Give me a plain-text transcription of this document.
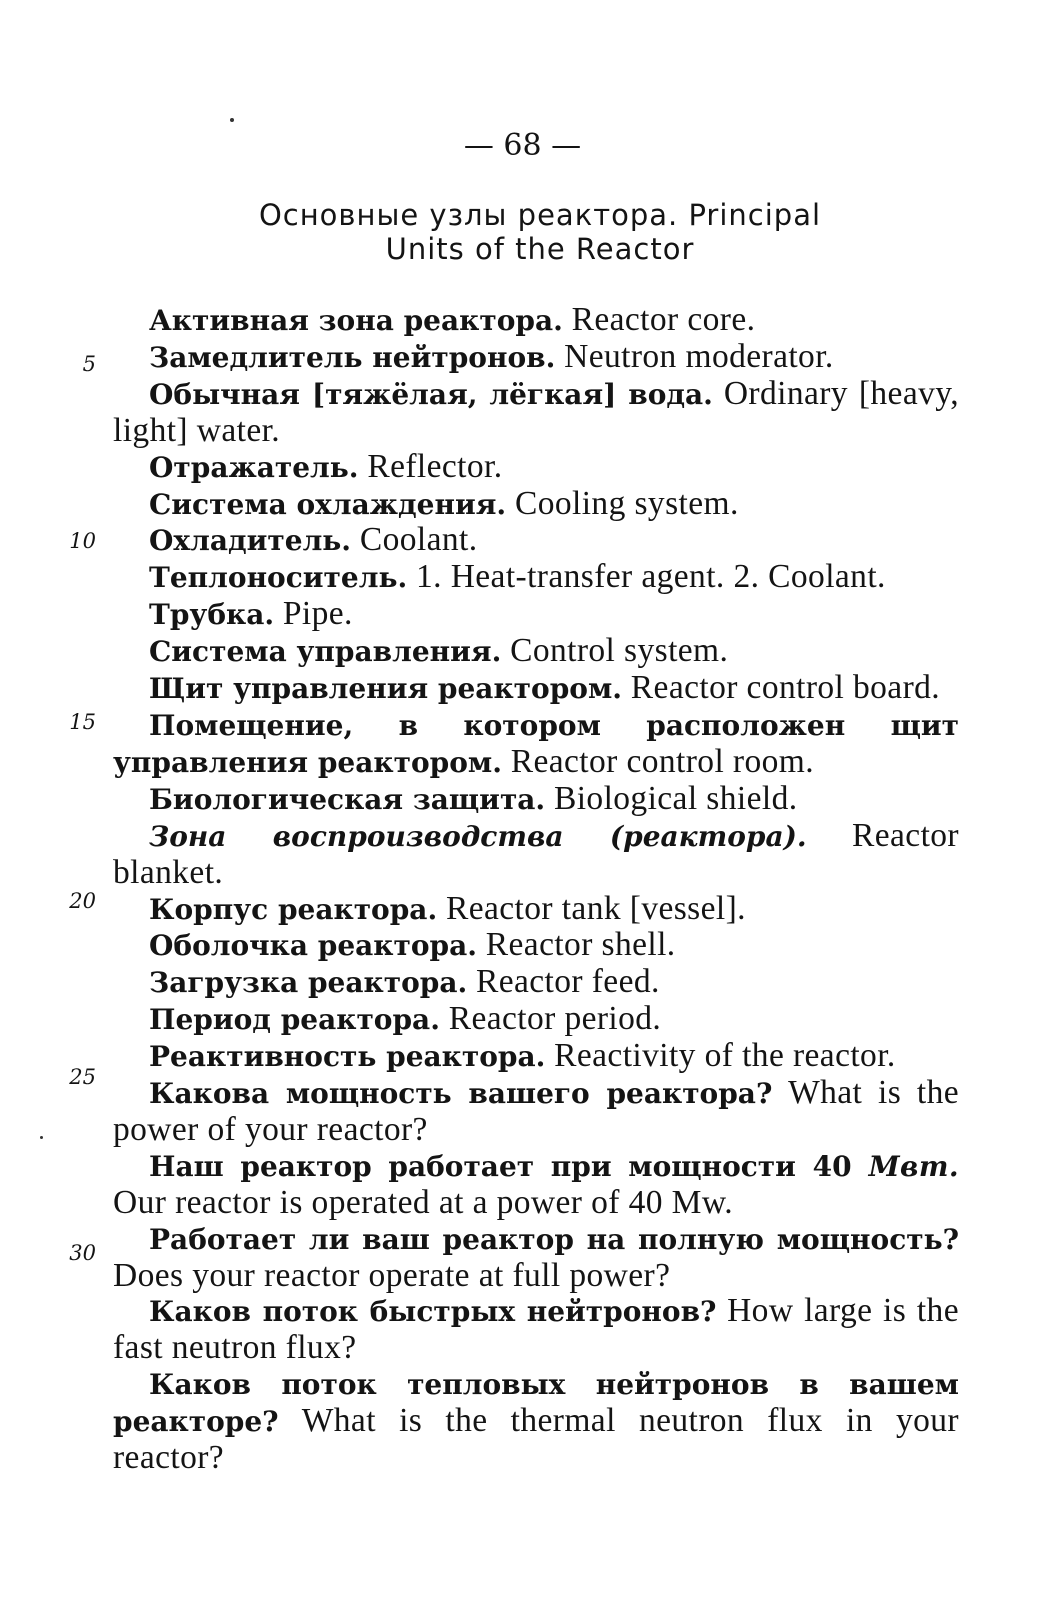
— 68 —
Основные узлы реактора. Principal
Units of the Reactor
5
10
15
20
25
30

Активная зона реактора. Reactor core.

Замедлитель нейтронов. Neutron moderator.

Обычная [тяжёлая, лёгкая] вода. Ordinary [heavy, light] water.

Отражатель. Reflector.

Система охлаждения. Cooling system.

Охладитель. Coolant.

Теплоноситель. 1. Heat-transfer agent. 2. Coolant.

Трубка. Pipe.

Система управления. Control system.

Щит управления реактором. Reactor control board.

Помещение, в котором расположен щит управления реактором. Reactor control room.

Биологическая защита. Biological shield.

Зона воспроизводства (реактора). Reactor blanket.

Корпус реактора. Reactor tank [vessel].

Оболочка реактора. Reactor shell.

Загрузка реактора. Reactor feed.

Период реактора. Reactor period.

Реактивность реактора. Reactivity of the reactor.

Какова мощность вашего реактора? What is the power of your reactor?

Наш реактор работает при мощности 40 Мвт. Our reactor is operated at a power of 40 Mw.

Работает ли ваш реактор на полную мощность? Does your reactor operate at full power?

Каков поток быстрых нейтронов? How large is the fast neutron flux?

Каков поток тепловых нейтронов в вашем реакторе? What is the thermal neutron flux in your reactor?
